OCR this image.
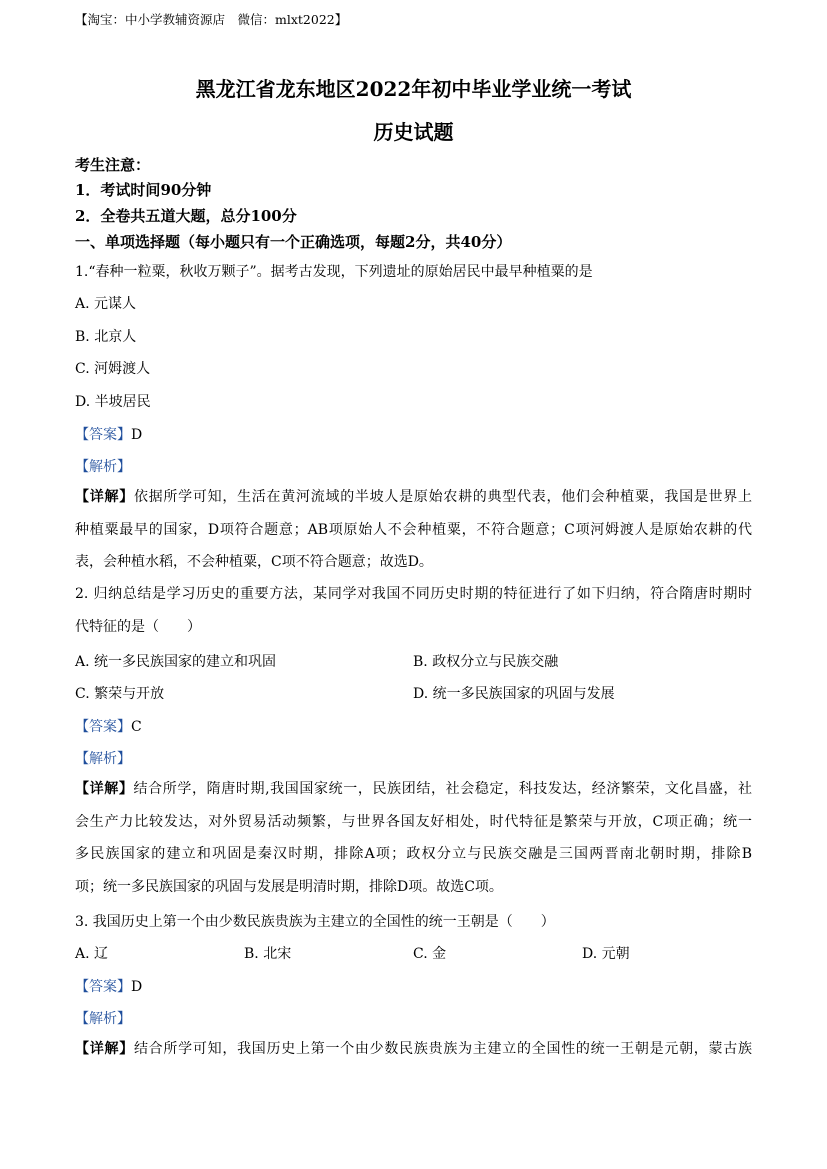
【淘宝：中小学教辅资源店　微信：mlxt2022】
黑龙江省龙东地区2022年初中毕业学业统一考试
历史试题
考生注意：
1．考试时间90分钟
2．全卷共五道大题，总分100分
一、单项选择题（每小题只有一个正确选项，每题2分，共40分）
1.“春种一粒粟，秋收万颗子”。据考古发现，下列遗址的原始居民中最早种植粟的是
A. 元谋人
B. 北京人
C. 河姆渡人
D. 半坡居民
【答案】D
【解析】
【详解】依据所学可知，生活在黄河流域的半坡人是原始农耕的典型代表，他们会种植粟，我国是世界上
种植粟最早的国家，D项符合题意；AB项原始人不会种植粟，不符合题意；C项河姆渡人是原始农耕的代
表，会种植水稻，不会种植粟，C项不符合题意；故选D。
2. 归纳总结是学习历史的重要方法，某同学对我国不同历史时期的特征进行了如下归纳，符合隋唐时期时
代特征的是（　　）
A. 统一多民族国家的建立和巩固	B. 政权分立与民族交融
C. 繁荣与开放	D. 统一多民族国家的巩固与发展
【答案】C
【解析】
【详解】结合所学，隋唐时期,我国国家统一，民族团结，社会稳定，科技发达，经济繁荣，文化昌盛，社
会生产力比较发达，对外贸易活动频繁，与世界各国友好相处，时代特征是繁荣与开放，C项正确；统一
多民族国家的建立和巩固是秦汉时期，排除A项；政权分立与民族交融是三国两晋南北朝时期，排除B
项；统一多民族国家的巩固与发展是明清时期，排除D项。故选C项。
3. 我国历史上第一个由少数民族贵族为主建立的全国性的统一王朝是（　　）
A. 辽	B. 北宋	C. 金	D. 元朝
【答案】D
【解析】
【详解】结合所学可知，我国历史上第一个由少数民族贵族为主建立的全国性的统一王朝是元朝，蒙古族
